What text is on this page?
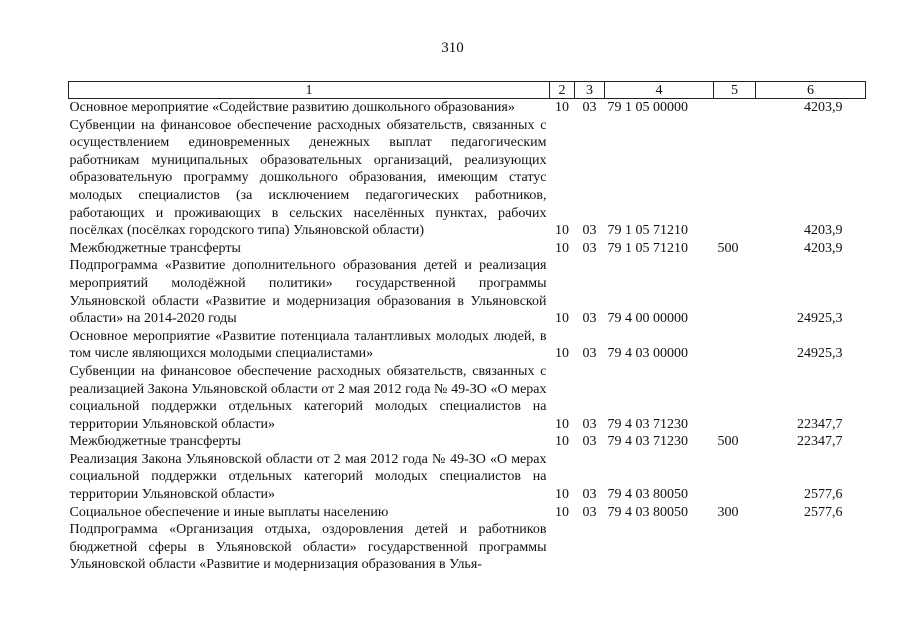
310
1	2	3	4	5	6
Основное мероприятие «Содействие развитию дошкольного образования»	10	03	79 1 05 00000		4203,9
Субвенции на финансовое обеспечение расходных обязательств, связанных с осуществлением единовременных денежных выплат педагогическим работникам муниципальных образовательных организаций, реализующих образовательную программу дошкольного образования, имеющим статус молодых специалистов (за исключением педагогических работников, работающих и проживающих в сельских населённых пунктах, рабочих посёлках (посёлках городского типа) Ульяновской области)	10	03	79 1 05 71210		4203,9
Межбюджетные трансферты	10	03	79 1 05 71210	500	4203,9
Подпрограмма «Развитие дополнительного образования детей и реализация мероприятий молодёжной политики» государственной программы Ульяновской области «Развитие и модернизация образования в Ульяновской области» на 2014-2020 годы	10	03	79 4 00 00000		24925,3
Основное мероприятие «Развитие потенциала талантливых молодых людей, в том числе являющихся молодыми специалистами»	10	03	79 4 03 00000		24925,3
Субвенции на финансовое обеспечение расходных обязательств, связанных с реализацией Закона Ульяновской области от 2 мая 2012 года № 49-ЗО «О мерах социальной поддержки отдельных категорий молодых специалистов на территории Ульяновской области»	10	03	79 4 03 71230		22347,7
Межбюджетные трансферты	10	03	79 4 03 71230	500	22347,7
Реализация Закона Ульяновской области от 2 мая 2012 года № 49-ЗО «О мерах социальной поддержки отдельных категорий молодых специалистов на территории Ульяновской области»	10	03	79 4 03 80050		2577,6
Социальное обеспечение и иные выплаты населению	10	03	79 4 03 80050	300	2577,6
Подпрограмма «Организация отдыха, оздоровления детей и работников бюджетной сферы в Ульяновской области» государственной программы Ульяновской области «Развитие и модернизация образования в Улья-					
